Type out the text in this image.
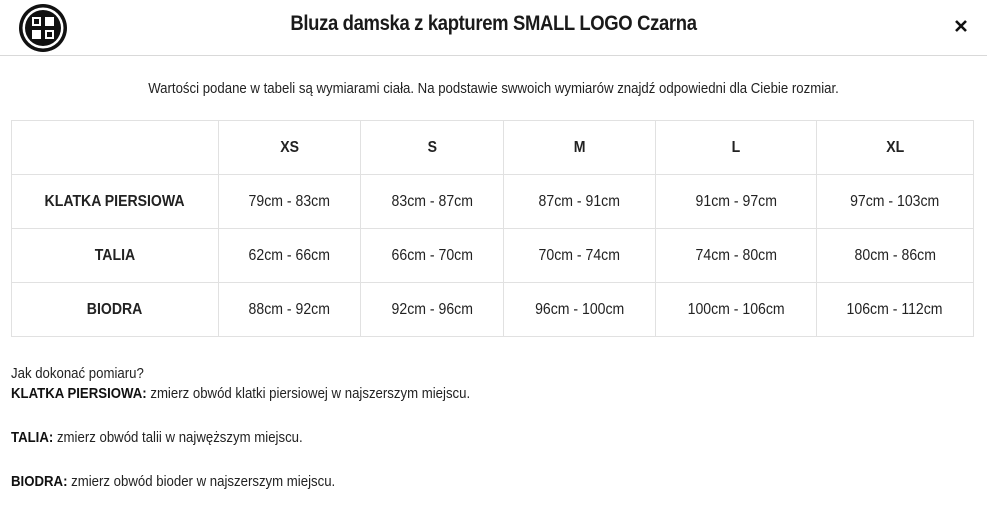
Bluza damska z kapturem SMALL LOGO Czarna
Wartości podane w tabeli są wymiarami ciała. Na podstawie swwoich wymiarów znajdź odpowiedni dla Ciebie rozmiar.
	XS	S	M	L	XL
KLATKA PIERSIOWA	79cm - 83cm	83cm - 87cm	87cm - 91cm	91cm - 97cm	97cm - 103cm
TALIA	62cm - 66cm	66cm - 70cm	70cm - 74cm	74cm - 80cm	80cm - 86cm
BIODRA	88cm - 92cm	92cm - 96cm	96cm - 100cm	100cm - 106cm	106cm - 112cm

Jak dokonać pomiaru?

KLATKA PIERSIOWA: zmierz obwód klatki piersiowej w najszerszym miejscu.

TALIA: zmierz obwód talii w najwęższym miejscu.

BIODRA: zmierz obwód bioder w najszerszym miejscu.
